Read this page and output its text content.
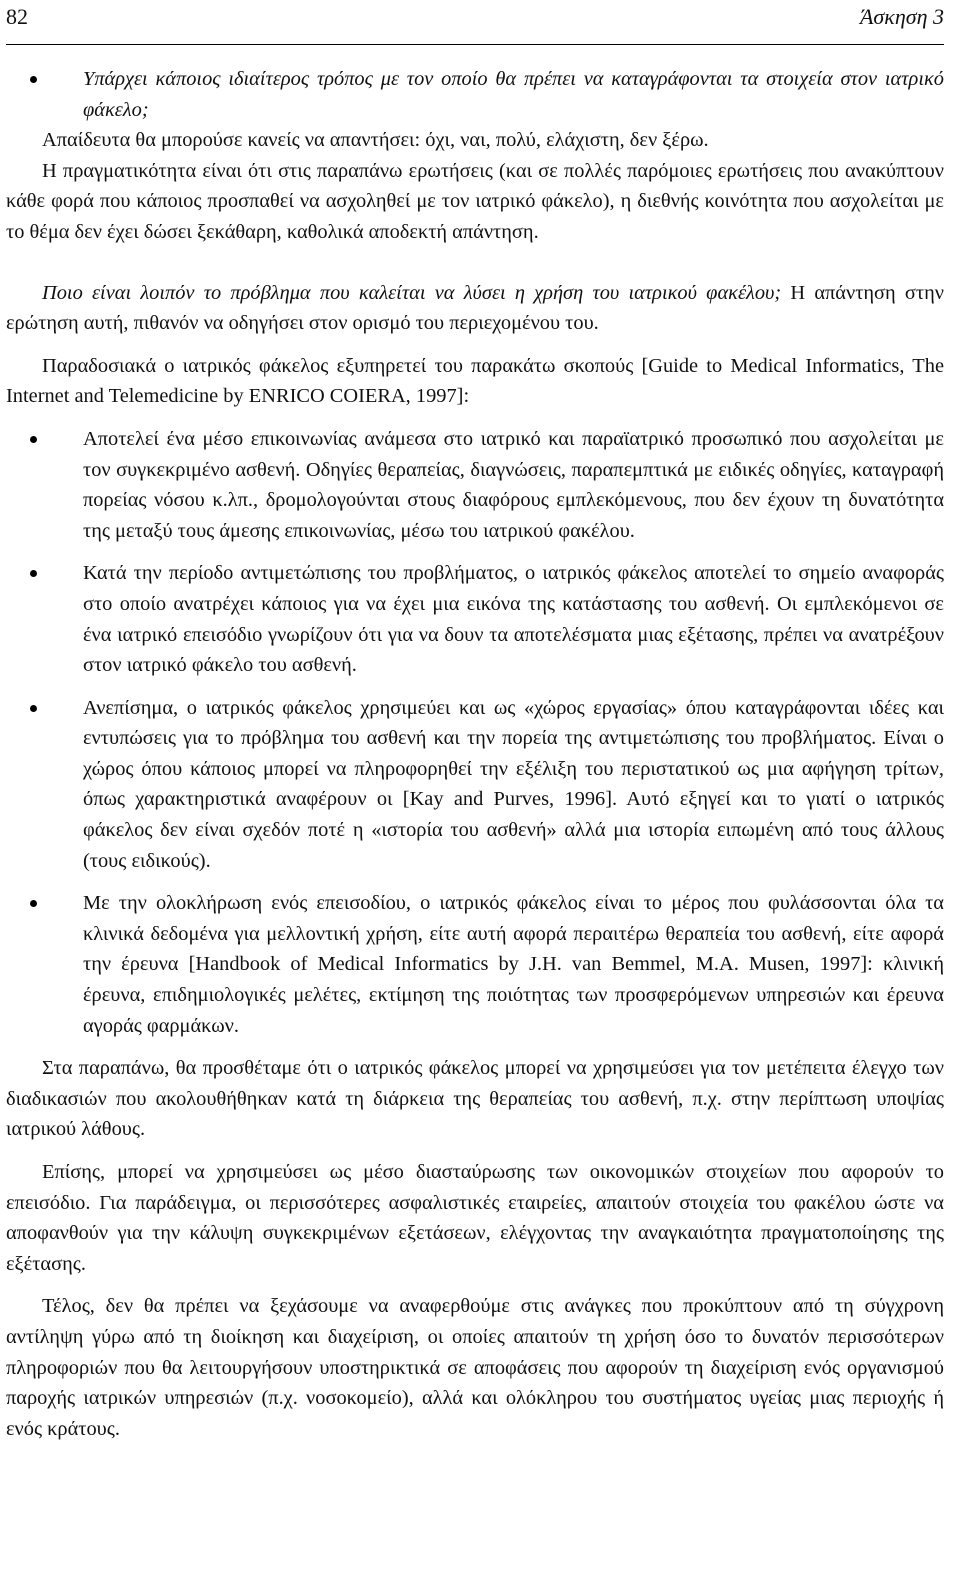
82	Άσκηση 3
Υπάρχει κάποιος ιδιαίτερος τρόπος με τον οποίο θα πρέπει να καταγράφονται τα στοιχεία στον ιατρικό φάκελο;

Απαίδευτα θα μπορούσε κανείς να απαντήσει: όχι, ναι, πολύ, ελάχιστη, δεν ξέρω.

Η πραγματικότητα είναι ότι στις παραπάνω ερωτήσεις (και σε πολλές παρόμοιες ερωτήσεις που ανακύπτουν κάθε φορά που κάποιος προσπαθεί να ασχοληθεί με τον ιατρικό φάκελο), η διεθνής κοινότητα που ασχολείται με το θέμα δεν έχει δώσει ξεκάθαρη, καθολικά αποδεκτή απάντηση.

Ποιο είναι λοιπόν το πρόβλημα που καλείται να λύσει η χρήση του ιατρικού φακέλου; Η απάντηση στην ερώτηση αυτή, πιθανόν να οδηγήσει στον ορισμό του περιεχομένου του.

Παραδοσιακά ο ιατρικός φάκελος εξυπηρετεί του παρακάτω σκοπούς [Guide to Medical Informatics, The Internet and Telemedicine by ENRICO COIERA, 1997]:

Αποτελεί ένα μέσο επικοινωνίας ανάμεσα στο ιατρικό και παραϊατρικό προσωπικό που ασχολείται με τον συγκεκριμένο ασθενή. Οδηγίες θεραπείας, διαγνώσεις, παραπεμπτικά με ειδικές οδηγίες, καταγραφή πορείας νόσου κ.λπ., δρομολογούνται στους διαφόρους εμπλεκόμενους, που δεν έχουν τη δυνατότητα της μεταξύ τους άμεσης επικοινωνίας, μέσω του ιατρικού φακέλου.
Κατά την περίοδο αντιμετώπισης του προβλήματος, ο ιατρικός φάκελος αποτελεί το σημείο αναφοράς στο οποίο ανατρέχει κάποιος για να έχει μια εικόνα της κατάστασης του ασθενή. Οι εμπλεκόμενοι σε ένα ιατρικό επεισόδιο γνωρίζουν ότι για να δουν τα αποτελέσματα μιας εξέτασης, πρέπει να ανατρέξουν στον ιατρικό φάκελο του ασθενή.
Ανεπίσημα, ο ιατρικός φάκελος χρησιμεύει και ως «χώρος εργασίας» όπου καταγράφονται ιδέες και εντυπώσεις για το πρόβλημα του ασθενή και την πορεία της αντιμετώπισης του προβλήματος. Είναι ο χώρος όπου κάποιος μπορεί να πληροφορηθεί την εξέλιξη του περιστατικού ως μια αφήγηση τρίτων, όπως χαρακτηριστικά αναφέρουν οι [Kay and Purves, 1996]. Αυτό εξηγεί και το γιατί ο ιατρικός φάκελος δεν είναι σχεδόν ποτέ η «ιστορία του ασθενή» αλλά μια ιστορία ειπωμένη από τους άλλους (τους ειδικούς).
Με την ολοκλήρωση ενός επεισοδίου, ο ιατρικός φάκελος είναι το μέρος που φυλάσσονται όλα τα κλινικά δεδομένα για μελλοντική χρήση, είτε αυτή αφορά περαιτέρω θεραπεία του ασθενή, είτε αφορά την έρευνα [Handbook of Medical Informatics by J.H. van Bemmel, M.A. Musen, 1997]: κλινική έρευνα, επιδημιολογικές μελέτες, εκτίμηση της ποιότητας των προσφερόμενων υπηρεσιών και έρευνα αγοράς φαρμάκων.

Στα παραπάνω, θα προσθέταμε ότι ο ιατρικός φάκελος μπορεί να χρησιμεύσει για τον μετέπειτα έλεγχο των διαδικασιών που ακολουθήθηκαν κατά τη διάρκεια της θεραπείας του ασθενή, π.χ. στην περίπτωση υποψίας ιατρικού λάθους.

Επίσης, μπορεί να χρησιμεύσει ως μέσο διασταύρωσης των οικονομικών στοιχείων που αφορούν το επεισόδιο. Για παράδειγμα, οι περισσότερες ασφαλιστικές εταιρείες, απαιτούν στοιχεία του φακέλου ώστε να αποφανθούν για την κάλυψη συγκεκριμένων εξετάσεων, ελέγχοντας την αναγκαιότητα πραγματοποίησης της εξέτασης.

Τέλος, δεν θα πρέπει να ξεχάσουμε να αναφερθούμε στις ανάγκες που προκύπτουν από τη σύγχρονη αντίληψη γύρω από τη διοίκηση και διαχείριση, οι οποίες απαιτούν τη χρήση όσο το δυνατόν περισσότερων πληροφοριών που θα λειτουργήσουν υποστηρικτικά σε αποφάσεις που αφορούν τη διαχείριση ενός οργανισμού παροχής ιατρικών υπηρεσιών (π.χ. νοσοκομείο), αλλά και ολόκληρου του συστήματος υγείας μιας περιοχής ή ενός κράτους.
